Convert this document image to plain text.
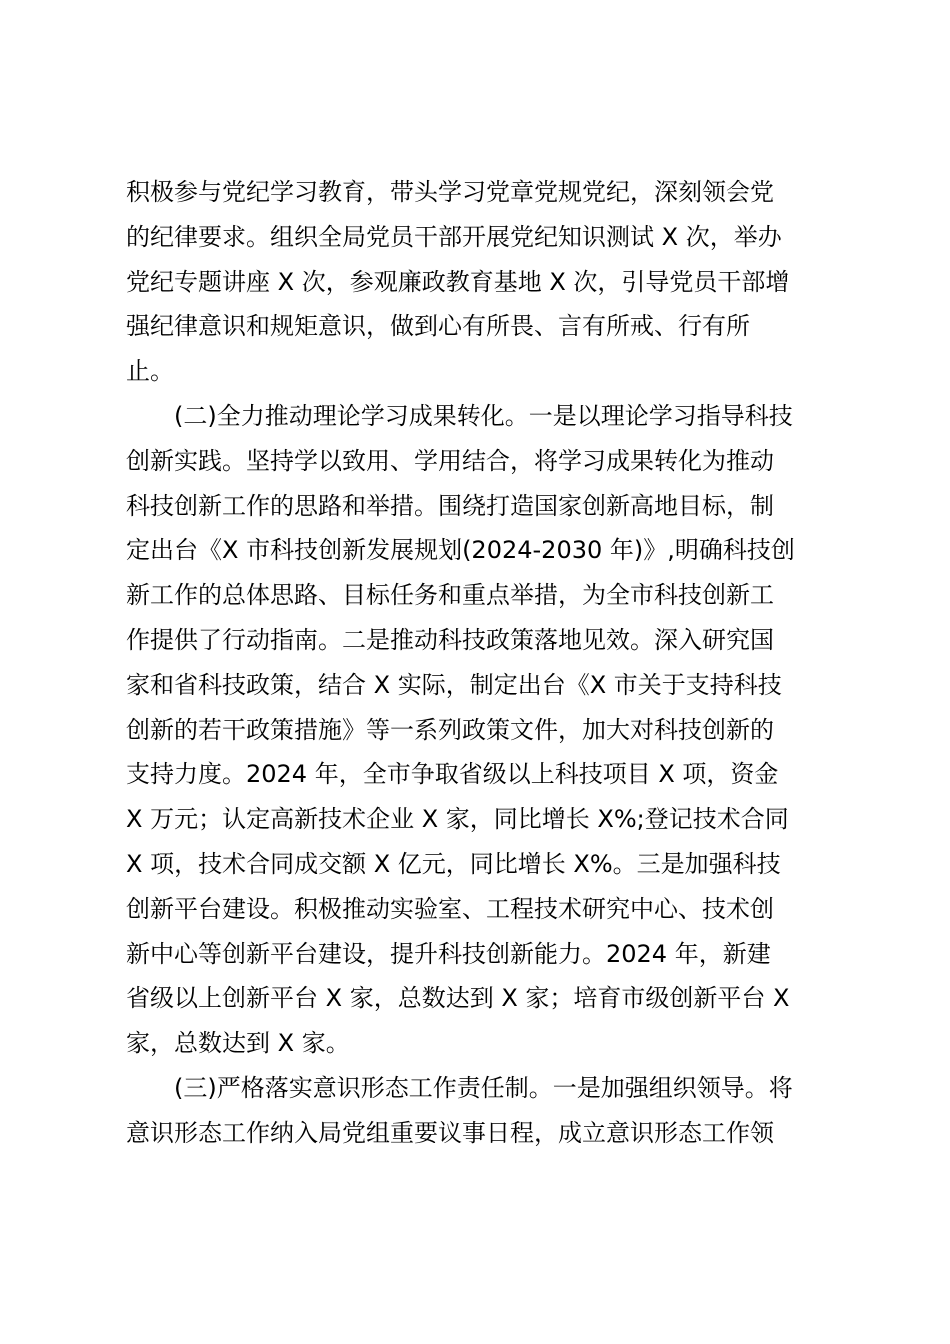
积极参与党纪学习教育，带头学习党章党规党纪，深刻领会党
的纪律要求。组织全局党员干部开展党纪知识测试 X 次，举办
党纪专题讲座 X 次，参观廉政教育基地 X 次，引导党员干部增
强纪律意识和规矩意识，做到心有所畏、言有所戒、行有所
止。
　　(二)全力推动理论学习成果转化。一是以理论学习指导科技
创新实践。坚持学以致用、学用结合，将学习成果转化为推动
科技创新工作的思路和举措。围绕打造国家创新高地目标，制
定出台《X 市科技创新发展规划(2024-2030 年)》,明确科技创
新工作的总体思路、目标任务和重点举措，为全市科技创新工
作提供了行动指南。二是推动科技政策落地见效。深入研究国
家和省科技政策，结合 X 实际，制定出台《X 市关于支持科技
创新的若干政策措施》等一系列政策文件，加大对科技创新的
支持力度。2024 年，全市争取省级以上科技项目 X 项，资金
X 万元；认定高新技术企业 X 家，同比增长 X%;登记技术合同
X 项，技术合同成交额 X 亿元，同比增长 X%。三是加强科技
创新平台建设。积极推动实验室、工程技术研究中心、技术创
新中心等创新平台建设，提升科技创新能力。2024 年，新建
省级以上创新平台 X 家，总数达到 X 家；培育市级创新平台 X
家，总数达到 X 家。
　　(三)严格落实意识形态工作责任制。一是加强组织领导。将
意识形态工作纳入局党组重要议事日程，成立意识形态工作领
